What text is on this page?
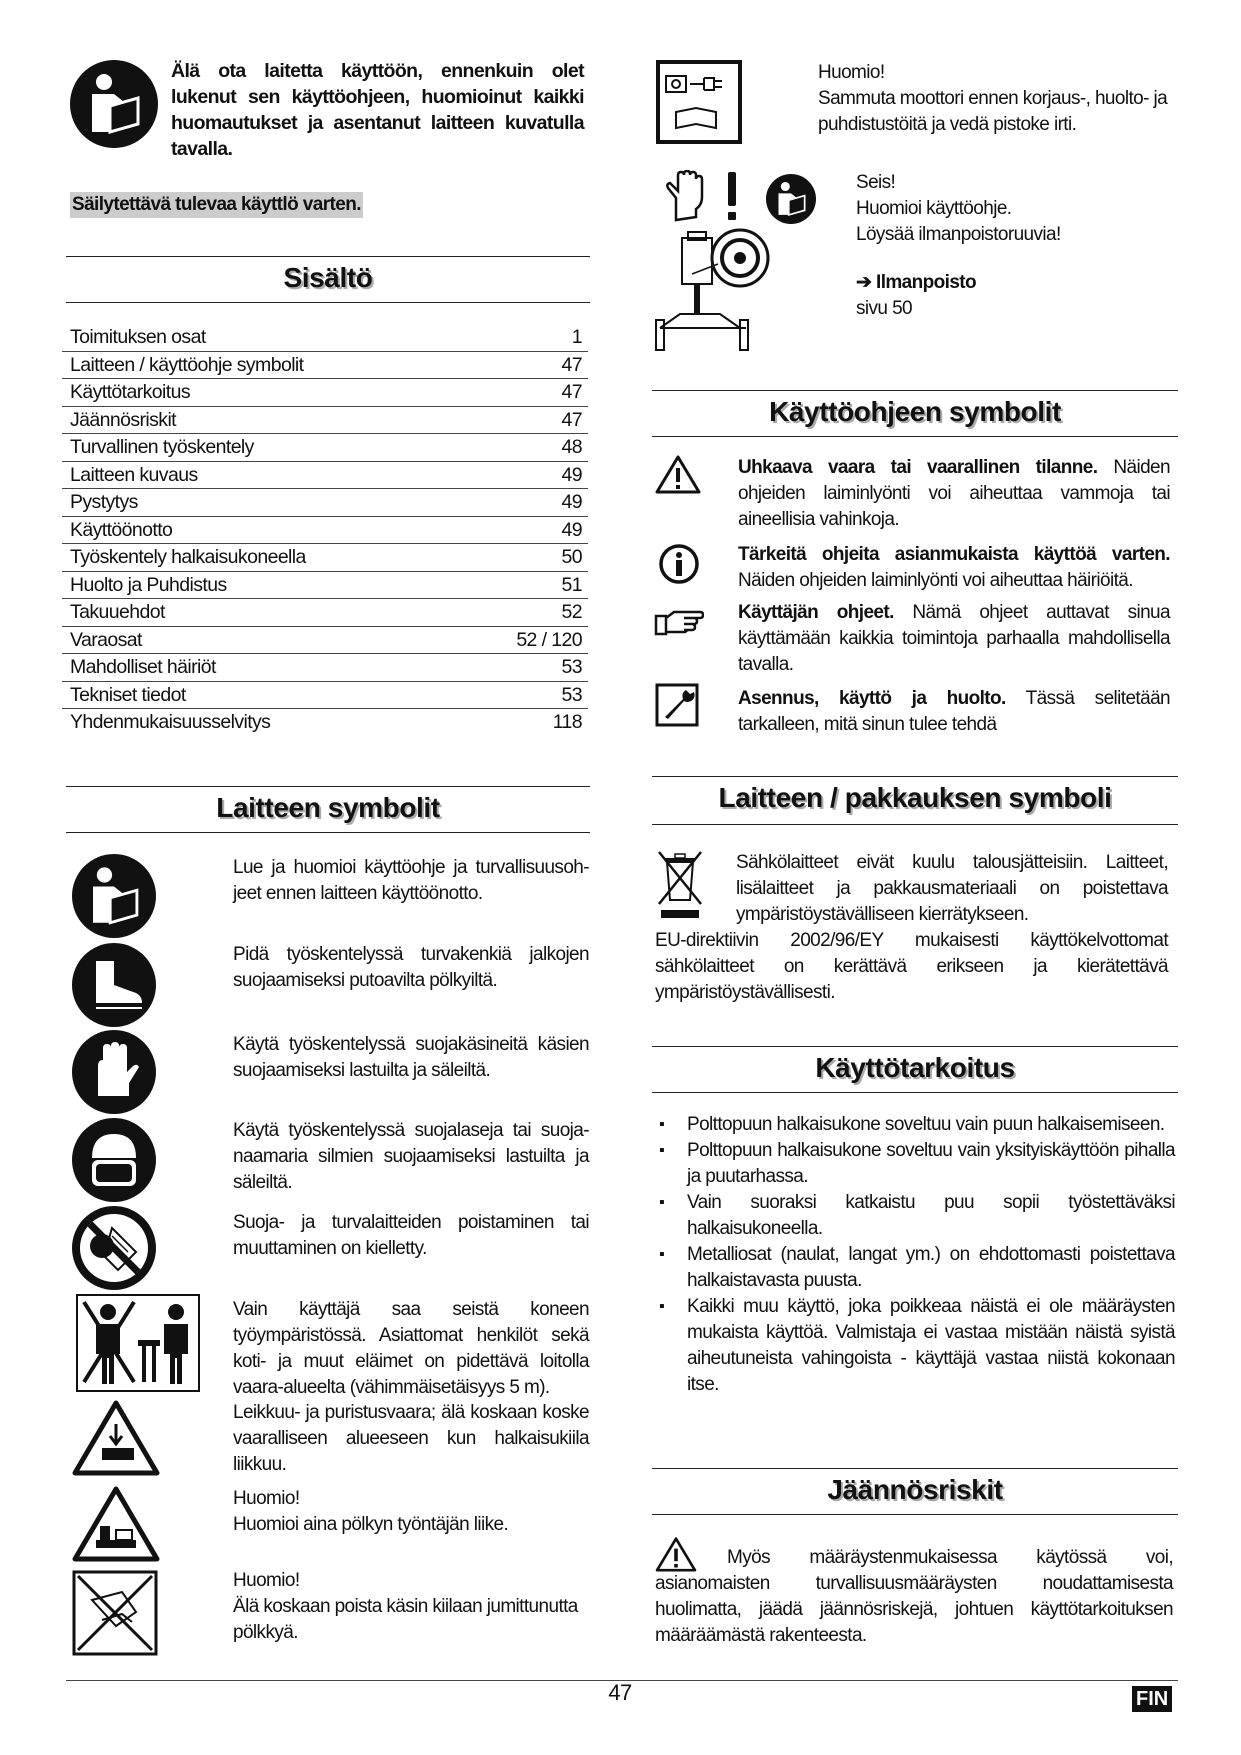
Älä ota laitetta käyttöön, ennenkuin olet lukenut sen käyttöohjeen, huomioinut kaikki huomautukset ja asentanut laitteen kuvatulla tavalla.
Säilytettävä tulevaa käyttlö varten.
Sisältö
Toimituksen osat	1
Laitteen / käyttöohje symbolit	47
Käyttötarkoitus	47
Jäännösriskit	47
Turvallinen työskentely	48
Laitteen kuvaus	49
Pystytys	49
Käyttöönotto	49
Työskentely halkaisukoneella	50
Huolto ja Puhdistus	51
Takuuehdot	52
Varaosat	52 / 120
Mahdolliset häiriöt	53
Tekniset tiedot	53
Yhdenmukaisuusselvitys	118
Laitteen symbolit
Lue ja huomioi käyttöohje ja turvallisuusoh-jeet ennen laitteen käyttöönotto.
Pidä työskentelyssä turvakenkiä jalkojen suojaamiseksi putoavilta pölkyiltä.
Käytä työskentelyssä suojakäsineitä käsien suojaamiseksi lastuilta ja säleiltä.
Käytä työskentelyssä suojalaseja tai suoja-naamaria silmien suojaamiseksi lastuilta ja säleiltä.
Suoja- ja turvalaitteiden poistaminen tai muuttaminen on kielletty.
Vain käyttäjä saa seistä koneen työympäristössä. Asiattomat henkilöt sekä koti- ja muut eläimet on pidettävä loitolla vaara-alueelta (vähimmäisetäisyys 5 m).
Leikkuu- ja puristusvaara; älä koskaan koske vaaralliseen alueeseen kun halkaisukiila liikkuu.
Huomio!
Huomioi aina pölkyn työntäjän liike.
Huomio!
Älä koskaan poista käsin kiilaan jumittunutta pölkkyä.
Huomio!
Sammuta moottori ennen korjaus-, huolto- ja puhdistustöitä ja vedä pistoke irti.
Seis!
Huomioi käyttöohje.
Löysää ilmanpoistoruuvia!
➔ Ilmanpoisto
sivu 50
Käyttöohjeen symbolit
Uhkaava vaara tai vaarallinen tilanne. Näiden ohjeiden laiminlyönti voi aiheuttaa vammoja tai aineellisia vahinkoja.
Tärkeitä ohjeita asianmukaista käyttöä varten. Näiden ohjeiden laiminlyönti voi aiheuttaa häiriöitä.
Käyttäjän ohjeet. Nämä ohjeet auttavat sinua käyttämään kaikkia toimintoja parhaalla mahdollisella tavalla.
Asennus, käyttö ja huolto. Tässä selitetään tarkalleen, mitä sinun tulee tehdä
Laitteen / pakkauksen symboli
Sähkölaitteet eivät kuulu talousjätteisiin. Laitteet, lisälaitteet ja pakkausmateriaali on poistettava ympäristöystävälliseen kierrätykseen.
EU-direktiivin 2002/96/EY mukaisesti käyttökelvottomat sähkölaitteet on kerättävä erikseen ja kierätettävä ympäristöystävällisesti.
Käyttötarkoitus
▪ Polttopuun halkaisukone soveltuu vain puun halkaisemiseen.
▪ Polttopuun halkaisukone soveltuu vain yksityiskäyttöön pihalla ja puutarhassa.
▪ Vain suoraksi katkaistu puu sopii työstettäväksi halkaisukoneella.
▪ Metalliosat (naulat, langat ym.) on ehdottomasti poistettava halkaistavasta puusta.
▪ Kaikki muu käyttö, joka poikkeaa näistä ei ole määräysten mukaista käyttöä. Valmistaja ei vastaa mistään näistä syistä aiheutuneista vahingoista - käyttäjä vastaa niistä kokonaan itse.
Jäännösriskit
Myös määräystenmukaisessa käytössä voi, asianomaisten turvallisuusmääräysten noudattamisesta huolimatta, jäädä jäännösriskejä, johtuen käyttötarkoituksen määräämästä rakenteesta.
47	FIN
